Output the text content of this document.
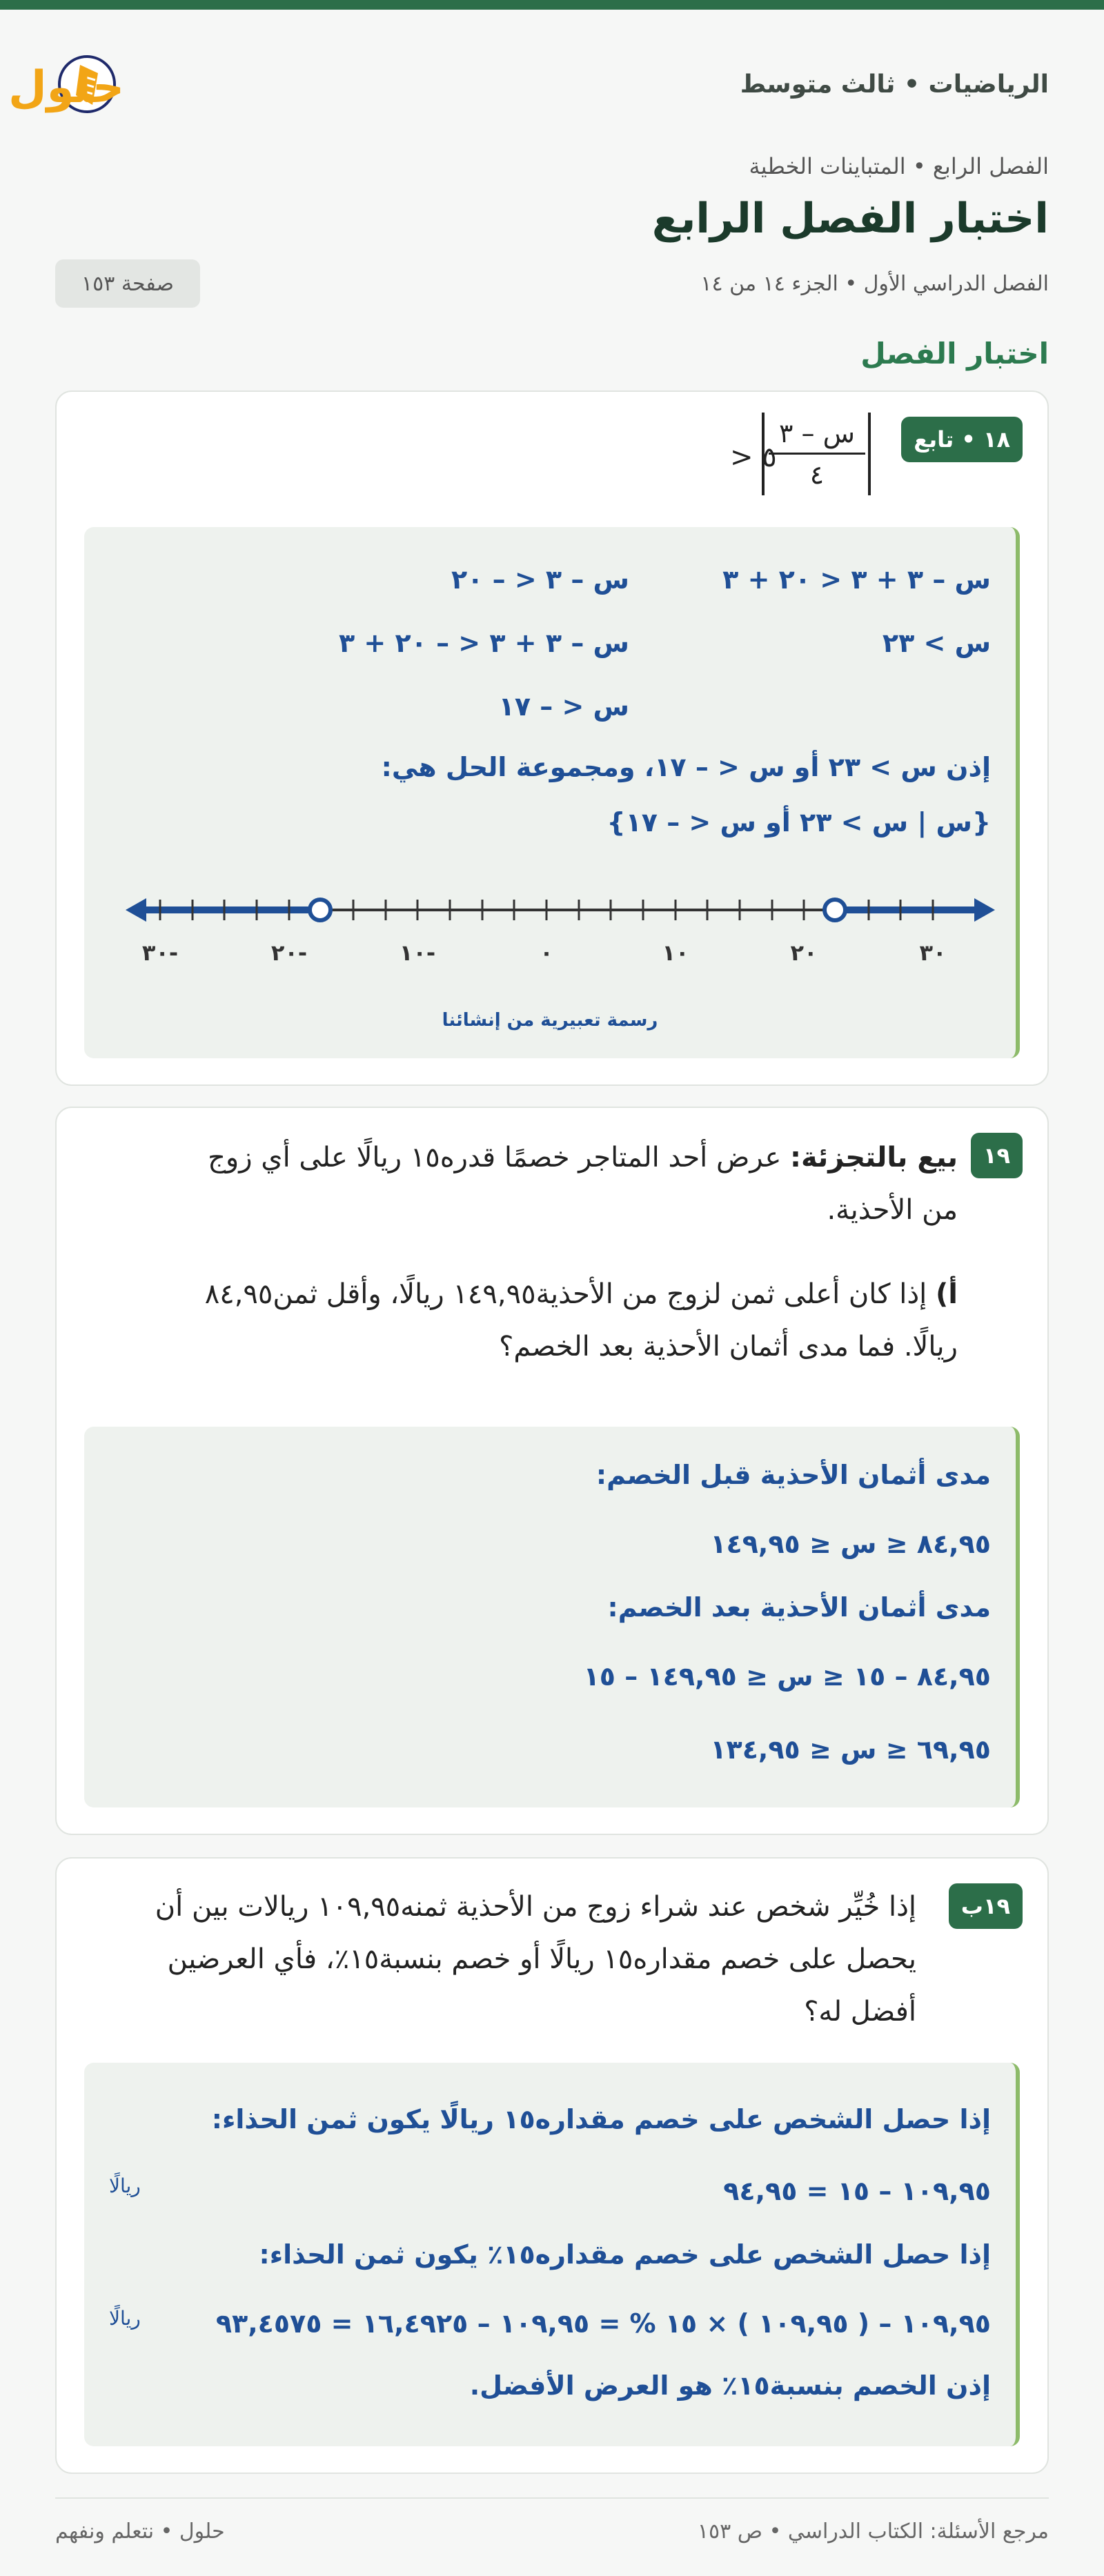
الرياضيات • ثالث متوسط
حلول
الفصل الرابع • المتباينات الخطية
اختبار الفصل الرابع
الفصل الدراسي الأول • الجزء ١٤ من ١٤
صفحة ١٥٣
اختبار الفصل
١٨ • تابع
س – ٣
٤
٥ <
س – ٣ + ٣ < ٢٠ + ٣
س – ٣ < – ٢٠
س > ٢٣
س – ٣ + ٣ < – ٢٠ + ٣
س < – ١٧
إذن س > ٢٣ أو س < – ١٧، ومجموعة الحل هي:
{س | س > ٢٣ أو س < – ١٧}
-٣٠	-٢٠	-١٠	٠	١٠	٢٠	٣٠
رسمة تعبيرية من إنشائنا
١٩
بيع بالتجزئة: عرض أحد المتاجر خصمًا قدره١٥ ريالًا على أي زوج من الأحذية.
أ) إذا كان أعلى ثمن لزوج من الأحذية١٤٩,٩٥ ريالًا، وأقل ثمن٨٤,٩٥ ريالًا. فما مدى أثمان الأحذية بعد الخصم؟
مدى أثمان الأحذية قبل الخصم:
٨٤,٩٥ ≤ س ≤ ١٤٩,٩٥
مدى أثمان الأحذية بعد الخصم:
٨٤,٩٥ – ١٥ ≤ س ≤ ١٤٩,٩٥ – ١٥
٦٩,٩٥ ≤ س ≤ ١٣٤,٩٥
١٩ب
إذا خُيِّر شخص عند شراء زوج من الأحذية ثمنه١٠٩,٩٥ ريالات بين أن يحصل على خصم مقداره١٥ ريالًا أو خصم بنسبة١٥٪، فأي العرضين أفضل له؟
إذا حصل الشخص على خصم مقداره١٥ ريالًا يكون ثمن الحذاء:
١٠٩,٩٥ – ١٥ = ٩٤,٩٥
ريالًا
إذا حصل الشخص على خصم مقداره١٥٪ يكون ثمن الحذاء:
١٠٩,٩٥ – ( ١٠٩,٩٥ ) × ١٥ % = ١٠٩,٩٥ – ١٦,٤٩٢٥ = ٩٣,٤٥٧٥
ريالًا
إذن الخصم بنسبة١٥٪ هو العرض الأفضل.
مرجع الأسئلة: الكتاب الدراسي • ص ١٥٣
حلول • نتعلم ونفهم
